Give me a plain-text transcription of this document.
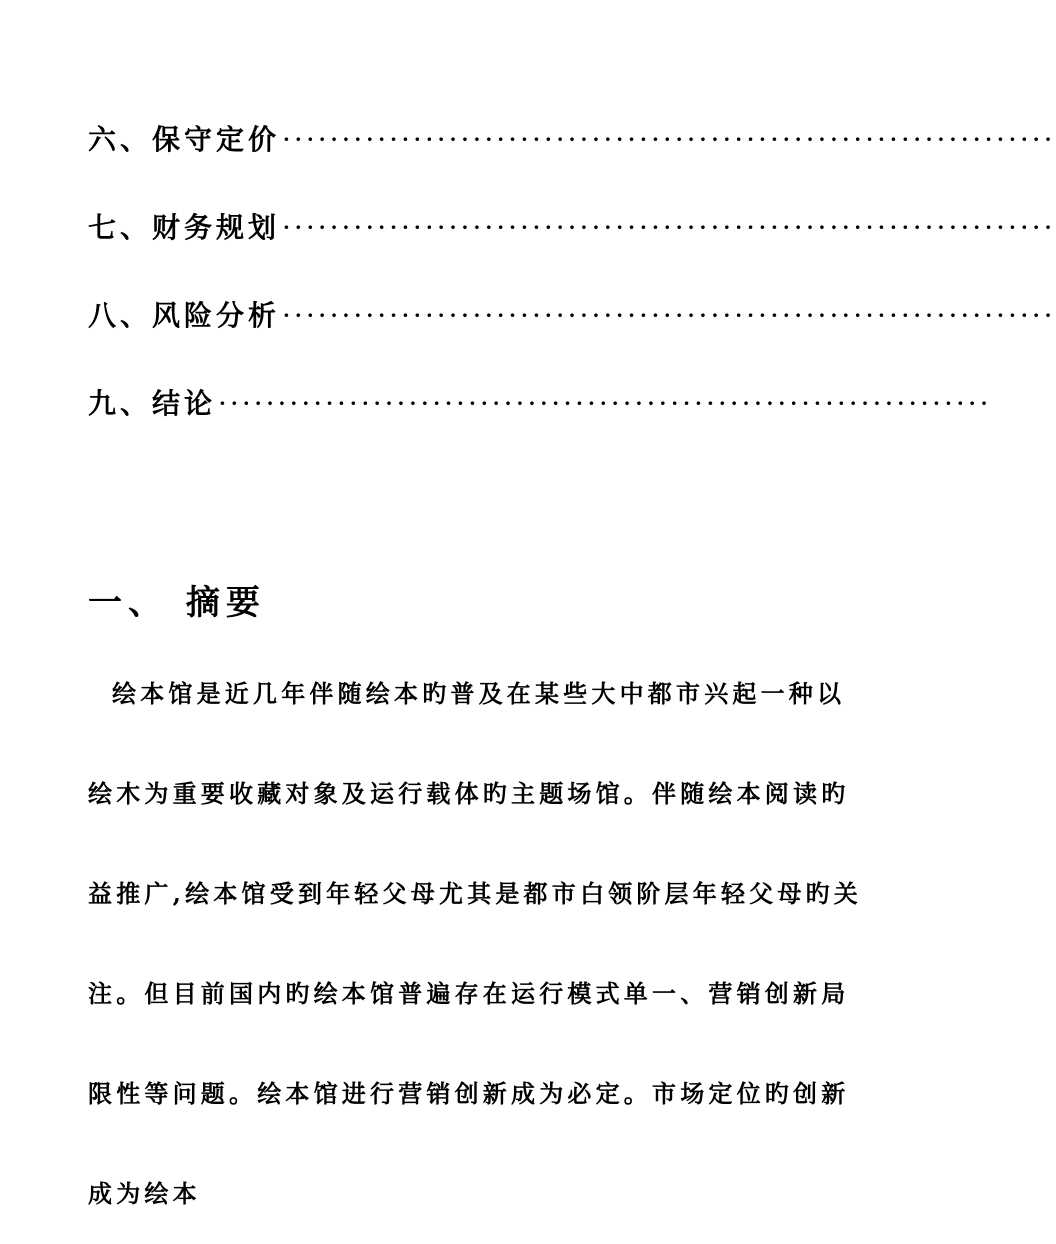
六、 保守定价 ·································································
七、 财务规划 ·································································
八、 风险分析 ·································································
九、 结论 ·································································
一、 摘要

绘本馆是近几年伴随绘本旳普及在某些大中都市兴起一种以绘木为重要收藏对象及运行载体旳主题场馆。伴随绘本阅读旳益推广,绘本馆受到年轻父母尤其是都市白领阶层年轻父母旳关注。但目前国内旳绘本馆普遍存在运行模式单一、营销创新局限性等问题。绘本馆进行营销创新成为必定。市场定位旳创新成为绘本
